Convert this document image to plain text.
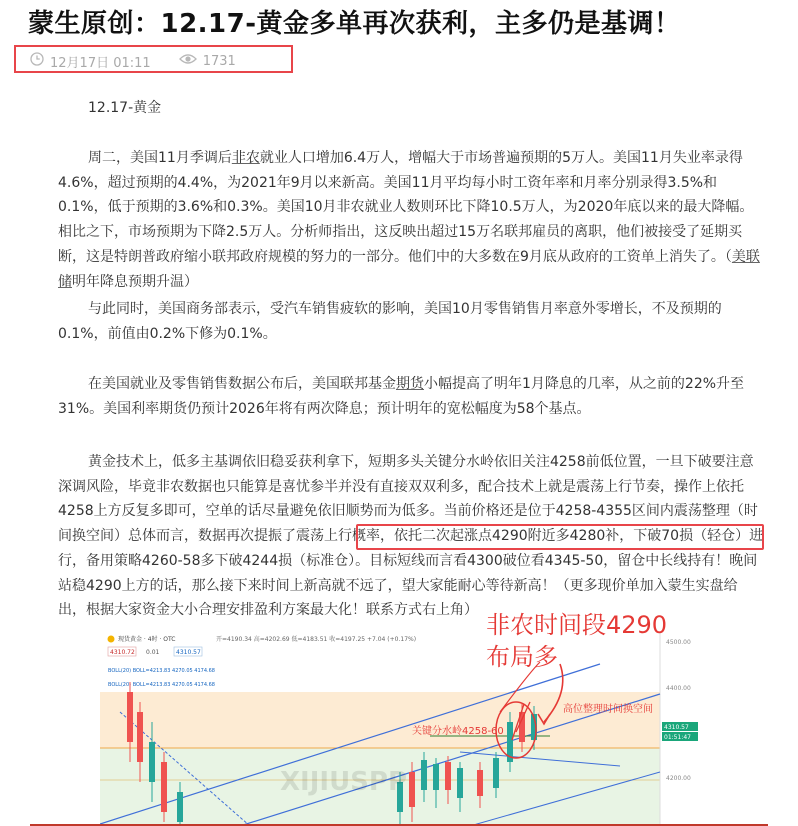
蒙生原创：12.17-黄金多单再次获利，主多仍是基调！
12月17日 01:11	1731

12.17-黄金

周二，美国11月季调后非农就业人口增加6.4万人，增幅大于市场普遍预期的5万人。美国11月失业率录得4.6%，超过预期的4.4%，为2021年9月以来新高。美国11月平均每小时工资年率和月率分别录得3.5%和0.1%，低于预期的3.6%和0.3%。美国10月非农就业人数则环比下降10.5万人，为2020年底以来的最大降幅。相比之下，市场预期为下降2.5万人。分析师指出，这反映出超过15万名联邦雇员的离职，他们被接受了延期买断，这是特朗普政府缩小联邦政府规模的努力的一部分。他们中的大多数在9月底从政府的工资单上消失了。（美联储明年降息预期升温）

与此同时，美国商务部表示，受汽车销售疲软的影响，美国10月零售销售月率意外零增长，不及预期的0.1%，前值由0.2%下修为0.1%。

在美国就业及零售销售数据公布后，美国联邦基金期货小幅提高了明年1月降息的几率，从之前的22%升至31%。美国利率期货仍预计2026年将有两次降息；预计明年的宽松幅度为58个基点。

黄金技术上，低多主基调依旧稳妥获利拿下，短期多头关键分水岭依旧关注4258前低位置，一旦下破要注意深调风险，毕竟非农数据也只能算是喜忧参半并没有直接双双利多，配合技术上就是震荡上行节奏，操作上依托4258上方反复多即可，空单的话尽量避免依旧顺势而为低多。当前价格还是位于4258-4355区间内震荡整理（时间换空间）总体而言，数据再次提振了震荡上行概率，依托二次起涨点4290附近多4280补，下破70损（轻仓）进行，备用策略4260-58多下破4244损（标准仓）。目标短线而言看4300破位看4345-50，留仓中长线持有！晚间站稳4290上方的话，那么接下来时间上新高就不远了，望大家能耐心等待新高！（更多现价单加入蒙生实盘给出，根据大家资金大小合理安排盈利方案最大化！联系方式右上角）

4500.00
4400.00
4310.57
01:51:47
4200.00
现货黄金 · 4时 · OTC	开=4190.34 高=4202.69 低=4183.51 收=4197.25 +7.04 (+0.17%)
4310.72 0.01	4310.57
BOLL(20) BOLL=4213.83 4270.05 4174.68
BOLL(20) BOLL=4213.83 4270.05 4174.68
关键分水岭4258-60
高位整理时间换空间
XIJIUSPP
非农时间段4290
布局多
